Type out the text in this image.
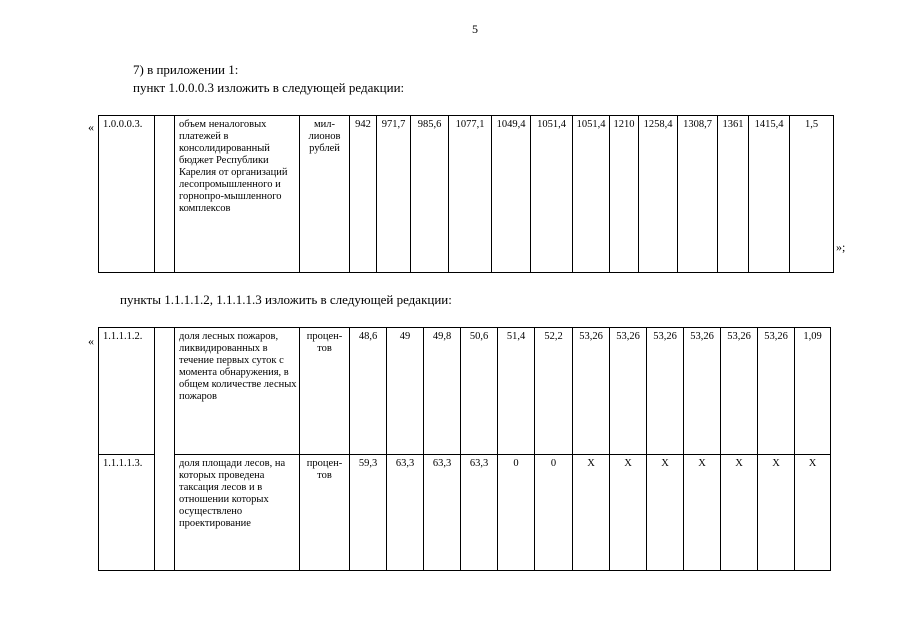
5
7) в приложении 1:
пункт 1.0.0.0.3 изложить в следующей редакции:
« 1.0.0.0.3.		объем неналоговых платежей в консолидированный бюджет Республики Карелия от организаций лесопромышленного и горнопро-мышленного комплексов	мил-лионов рублей	942	971,7	985,6	1077,1	1049,4	1051,4	1051,4	1210	1258,4	1308,7	1361	1415,4	1,5
»;
пункты 1.1.1.1.2, 1.1.1.1.3 изложить в следующей редакции:
« 1.1.1.1.2.		доля лесных пожаров, ликвидированных в течение первых суток с момента обнаружения, в общем количестве лесных пожаров	процен-тов	48,6	49	49,8	50,6	51,4	52,2	53,26	53,26	53,26	53,26	53,26	53,26	1,09
1.1.1.1.3.		доля площади лесов, на которых проведена таксация лесов и в отношении которых осуществлено проектирование	процен-тов	59,3	63,3	63,3	63,3	0	0	X	X	X	X	X	X	X
